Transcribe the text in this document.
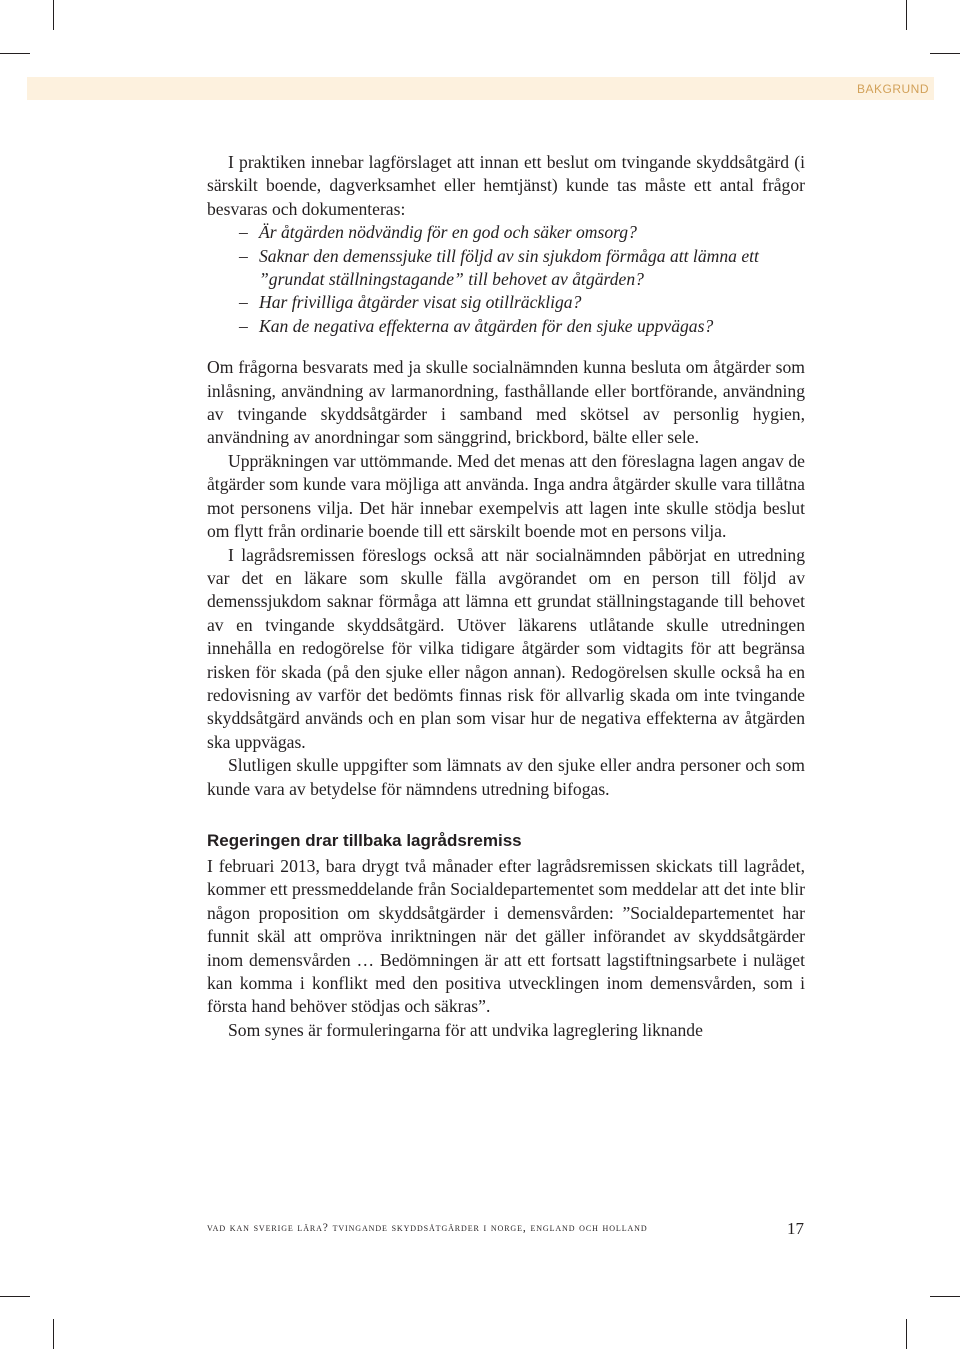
BAKGRUND

I praktiken innebar lagförslaget att innan ett beslut om tvingande skyddsåtgärd (i särskilt boende, dagverksamhet eller hemtjänst) kunde tas måste ett antal frågor besvaras och dokumenteras:

– Är åtgärden nödvändig för en god och säker omsorg?
– Saknar den demenssjuke till följd av sin sjukdom förmåga att lämna ett ”grundat ställningstagande” till behovet av åtgärden?
– Har frivilliga åtgärder visat sig otillräckliga?
– Kan de negativa effekterna av åtgärden för den sjuke uppvägas?

Om frågorna besvarats med ja skulle socialnämnden kunna besluta om åtgärder som inlåsning, användning av larmanordning, fasthållande eller bortförande, användning av tvingande skyddsåtgärder i samband med skötsel av personlig hygien, användning av anordningar som sänggrind, brickbord, bälte eller sele.

Uppräkningen var uttömmande. Med det menas att den föreslagna lagen angav de åtgärder som kunde vara möjliga att använda. Inga andra åtgärder skulle vara tillåtna mot personens vilja. Det här innebar exempelvis att lagen inte skulle stödja beslut om flytt från ordinarie boende till ett särskilt boende mot en persons vilja.

I lagrådsremissen föreslogs också att när socialnämnden påbörjat en utredning var det en läkare som skulle fälla avgörandet om en person till följd av demenssjukdom saknar förmåga att lämna ett grundat ställningstagande till behovet av en tvingande skyddsåtgärd. Utöver läkarens utlåtande skulle utredningen innehålla en redogörelse för vilka tidigare åtgärder som vidtagits för att begränsa risken för skada (på den sjuke eller någon annan). Redogörelsen skulle också ha en redovisning av varför det bedömts finnas risk för allvarlig skada om inte tvingande skyddsåtgärd används och en plan som visar hur de negativa effekterna av åtgärden ska uppvägas.

Slutligen skulle uppgifter som lämnats av den sjuke eller andra personer och som kunde vara av betydelse för nämndens utredning bifogas.

Regeringen drar tillbaka lagrådsremiss

I februari 2013, bara drygt två månader efter lagrådsremissen skickats till lagrådet, kommer ett pressmeddelande från Socialdepartementet som meddelar att det inte blir någon proposition om skyddsåtgärder i demensvården: ”Socialdepartementet har funnit skäl att ompröva inriktningen när det gäller införandet av skyddsåtgärder inom demensvården … Bedömningen är att ett fortsatt lagstiftningsarbete i nuläget kan komma i konflikt med den positiva utvecklingen inom demensvården, som i första hand behöver stödjas och säkras”.

Som synes är formuleringarna för att undvika lagreglering liknande

vad kan sverige lära? tvingande skyddsåtgärder i norge, england och holland	17
